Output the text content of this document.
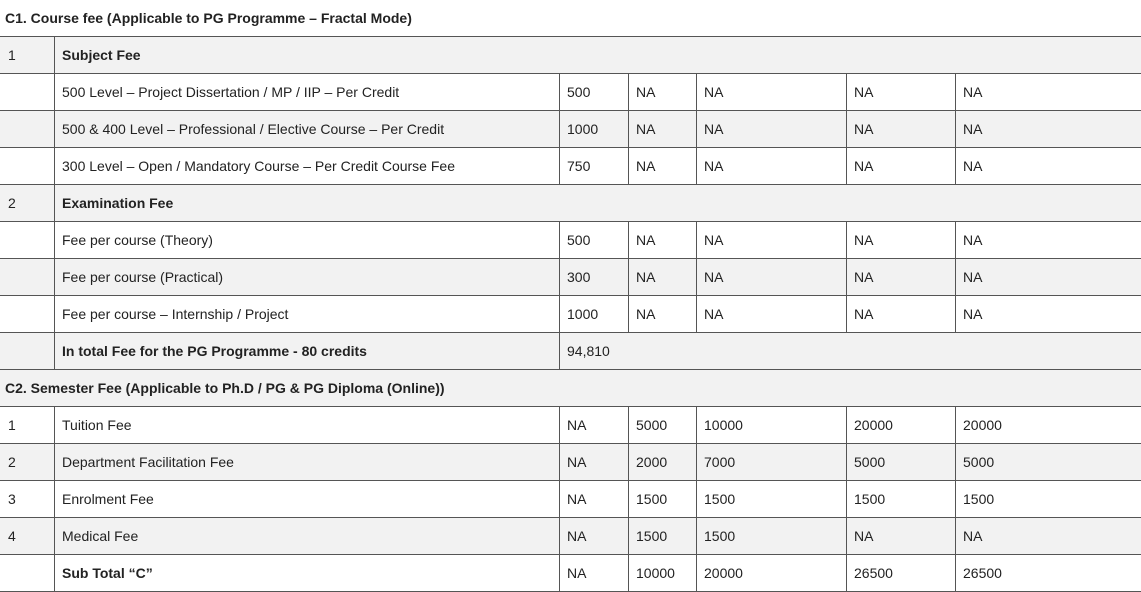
C1. Course fee (Applicable to PG Programme – Fractal Mode)						
1	Subject Fee					
	500 Level – Project Dissertation / MP / IIP – Per Credit	500	NA	NA	NA	NA
	500 & 400 Level – Professional / Elective Course – Per Credit	1000	NA	NA	NA	NA
	300 Level – Open / Mandatory Course – Per Credit Course Fee	750	NA	NA	NA	NA
2	Examination Fee					
	Fee per course (Theory)	500	NA	NA	NA	NA
	Fee per course (Practical)	300	NA	NA	NA	NA
	Fee per course – Internship / Project	1000	NA	NA	NA	NA
	In total Fee for the PG Programme - 80 credits	94,810				
C2. Semester Fee (Applicable to Ph.D / PG & PG Diploma (Online))						
1	Tuition Fee	NA	5000	10000	20000	20000
2	Department Facilitation Fee	NA	2000	7000	5000	5000
3	Enrolment Fee	NA	1500	1500	1500	1500
4	Medical Fee	NA	1500	1500	NA	NA
	Sub Total “C”	NA	10000	20000	26500	26500
